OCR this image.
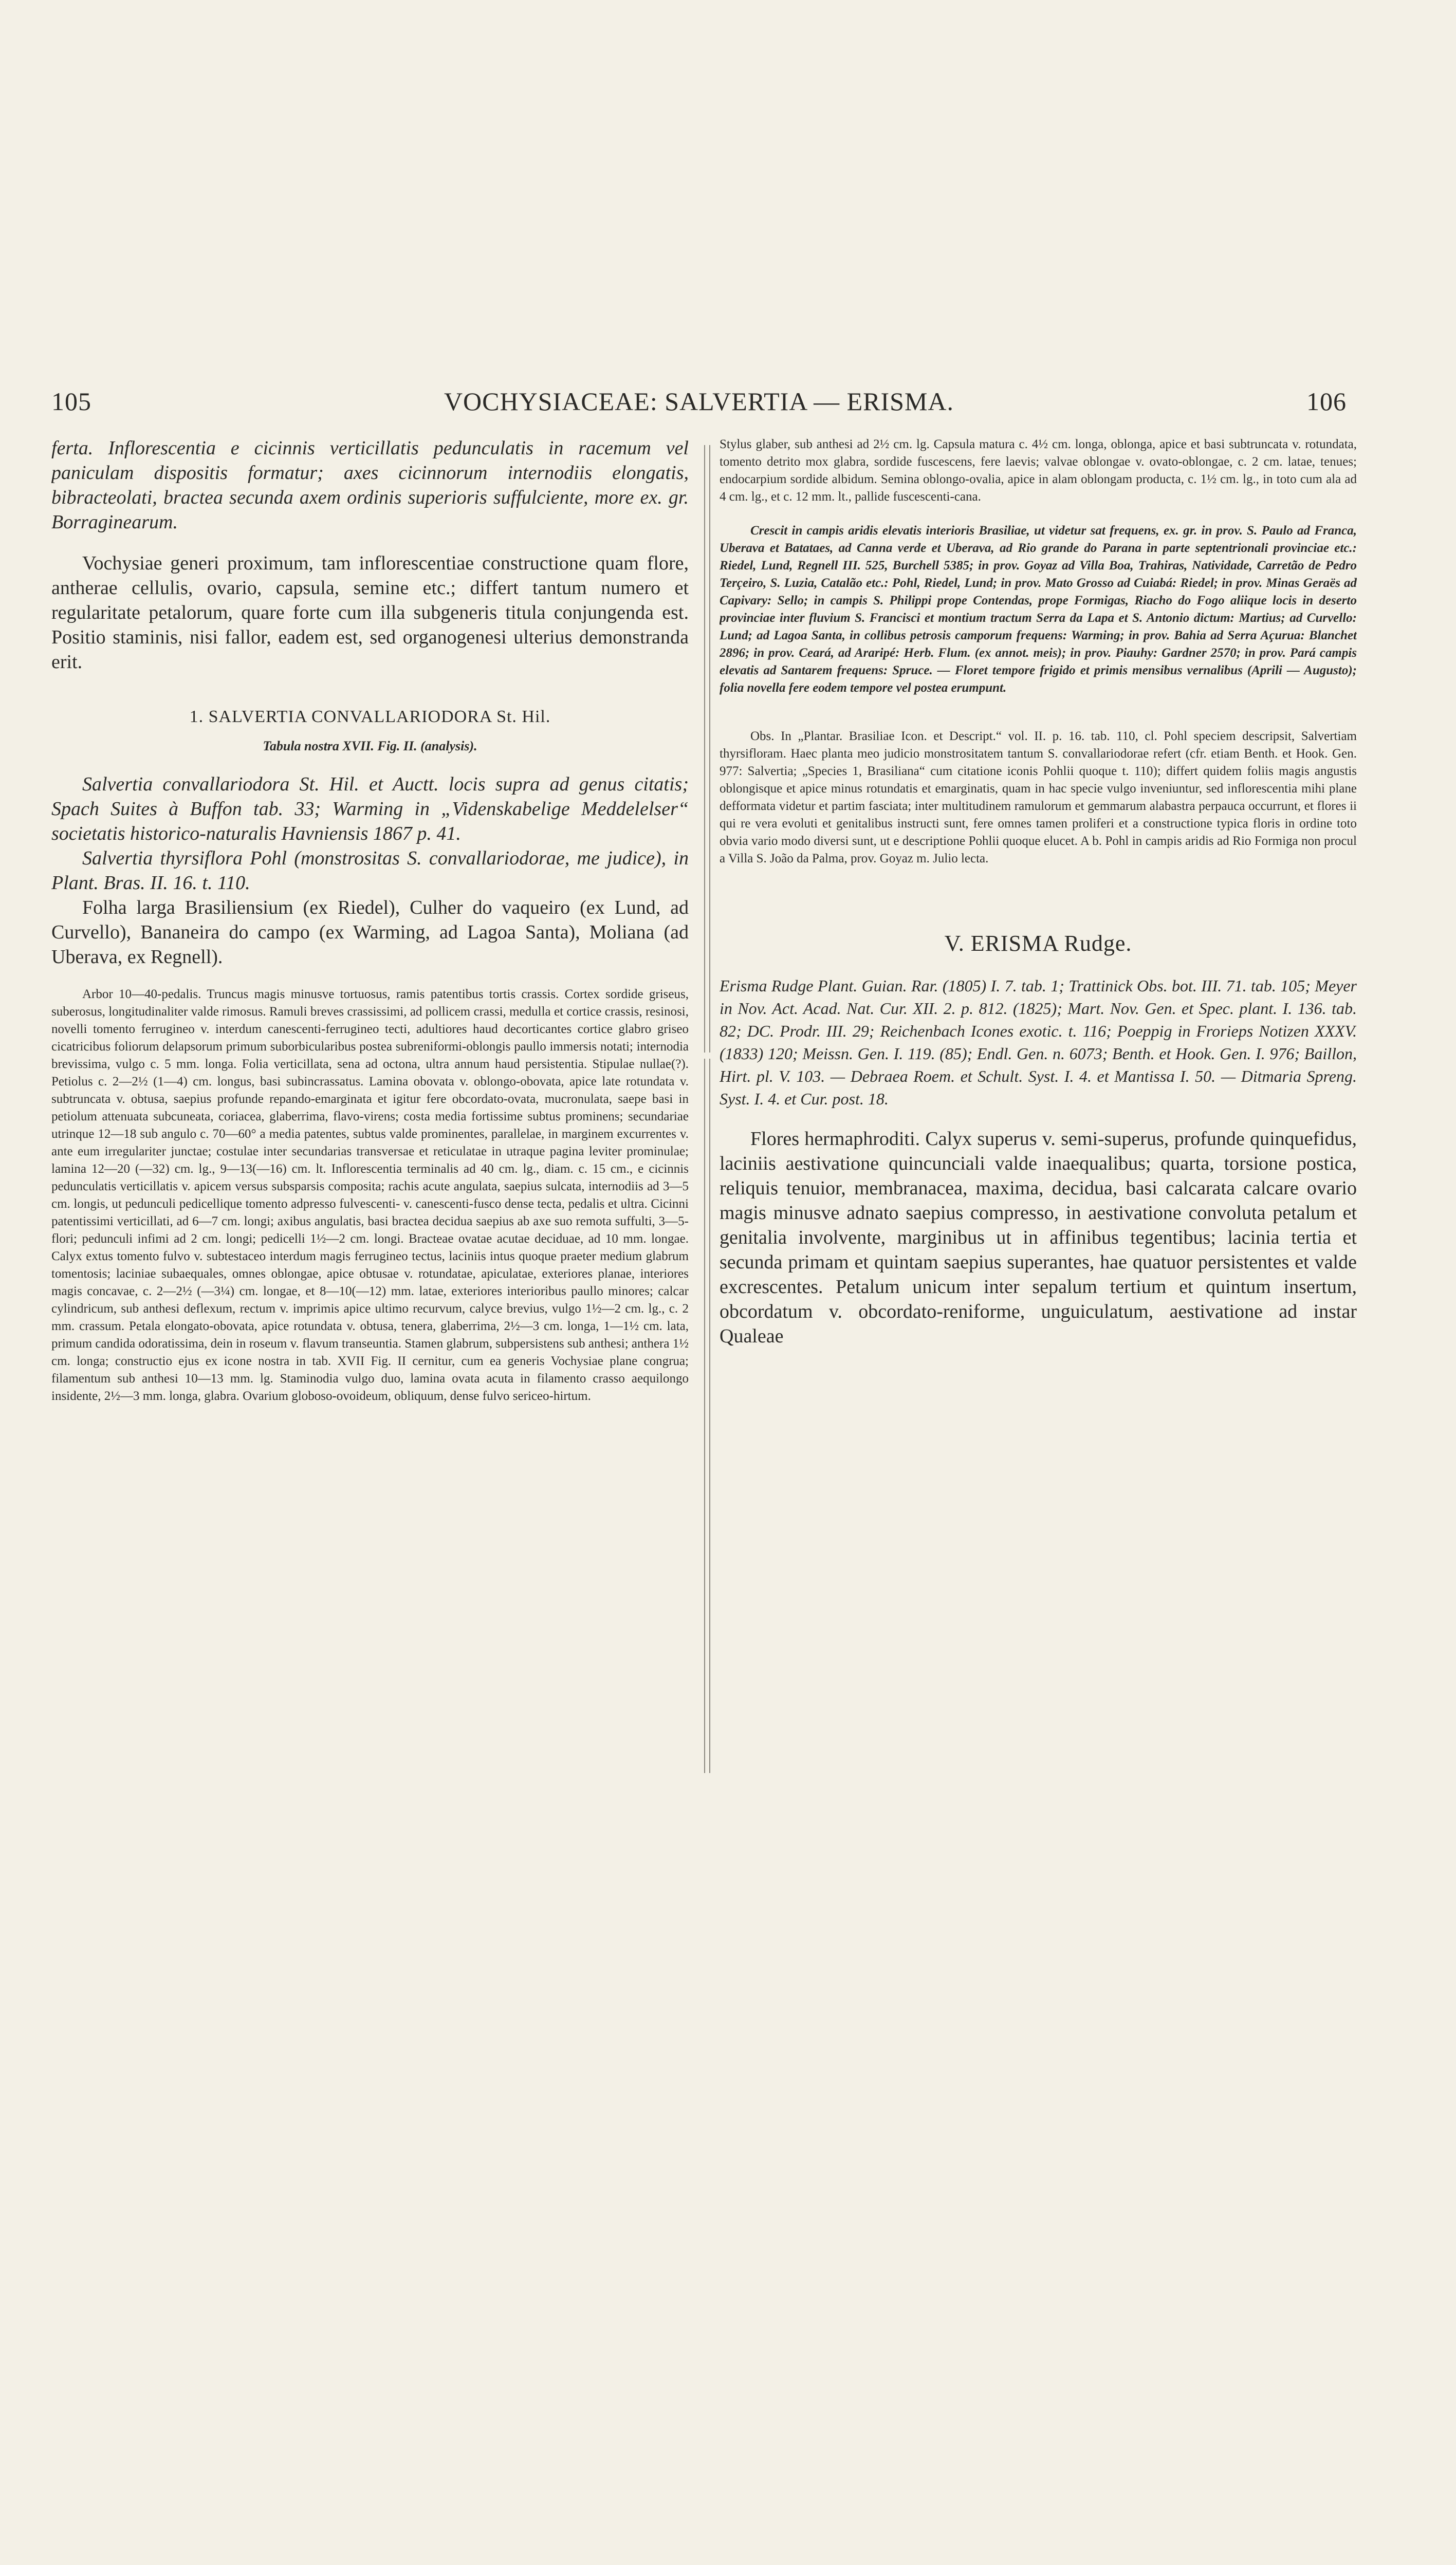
105	VOCHYSIACEAE: SALVERTIA — ERISMA.	106

ferta. Inflorescentia e cicinnis verticillatis pedunculatis in racemum vel paniculam dispositis formatur; axes cicinnorum internodiis elongatis, bibracteolati, bractea secunda axem ordinis superioris suffulciente, more ex. gr. Borraginearum.

Vochysiae generi proximum, tam inflorescentiae constructione quam flore, antherae cellulis, ovario, capsula, semine etc.; differt tantum numero et regularitate petalorum, quare forte cum illa subgeneris titula conjungenda est. Positio staminis, nisi fallor, eadem est, sed organogenesi ulterius demonstranda erit.

1. SALVERTIA CONVALLARIODORA St. Hil.
Tabula nostra XVII. Fig. II. (analysis).

Salvertia convallariodora St. Hil. et Auctt. locis supra ad genus citatis; Spach Suites à Buffon tab. 33; Warming in „Videnskabelige Meddelelser“ societatis historico-naturalis Havniensis 1867 p. 41.

Salvertia thyrsiflora Pohl (monstrositas S. convallariodorae, me judice), in Plant. Bras. II. 16. t. 110.

Folha larga Brasiliensium (ex Riedel), Culher do vaqueiro (ex Lund, ad Curvello), Bananeira do campo (ex Warming, ad Lagoa Santa), Moliana (ad Uberava, ex Regnell).

Arbor 10—40-pedalis. Truncus magis minusve tortuosus, ramis patentibus tortis crassis. Cortex sordide griseus, suberosus, longitudinaliter valde rimosus. Ramuli breves crassissimi, ad pollicem crassi, medulla et cortice crassis, resinosi, novelli tomento ferrugineo v. interdum canescenti-ferrugineo tecti, adultiores haud decorticantes cortice glabro griseo cicatricibus foliorum delapsorum primum suborbicularibus postea subreniformi-oblongis paullo immersis notati; internodia brevissima, vulgo c. 5 mm. longa. Folia verticillata, sena ad octona, ultra annum haud persistentia. Stipulae nullae(?). Petiolus c. 2—2½ (1—4) cm. longus, basi subincrassatus. Lamina obovata v. oblongo-obovata, apice late rotundata v. subtruncata v. obtusa, saepius profunde repando-emarginata et igitur fere obcordato-ovata, mucronulata, saepe basi in petiolum attenuata subcuneata, coriacea, glaberrima, flavo-virens; costa media fortissime subtus prominens; secundariae utrinque 12—18 sub angulo c. 70—60° a media patentes, subtus valde prominentes, parallelae, in marginem excurrentes v. ante eum irregulariter junctae; costulae inter secundarias transversae et reticulatae in utraque pagina leviter prominulae; lamina 12—20 (—32) cm. lg., 9—13(—16) cm. lt. Inflorescentia terminalis ad 40 cm. lg., diam. c. 15 cm., e cicinnis pedunculatis verticillatis v. apicem versus subsparsis composita; rachis acute angulata, saepius sulcata, internodiis ad 3—5 cm. longis, ut pedunculi pedicellique tomento adpresso fulvescenti- v. canescenti-fusco dense tecta, pedalis et ultra. Cicinni patentissimi verticillati, ad 6—7 cm. longi; axibus angulatis, basi bractea decidua saepius ab axe suo remota suffulti, 3—5-flori; pedunculi infimi ad 2 cm. longi; pedicelli 1½—2 cm. longi. Bracteae ovatae acutae deciduae, ad 10 mm. longae. Calyx extus tomento fulvo v. subtestaceo interdum magis ferrugineo tectus, laciniis intus quoque praeter medium glabrum tomentosis; laciniae subaequales, omnes oblongae, apice obtusae v. rotundatae, apiculatae, exteriores planae, interiores magis concavae, c. 2—2½ (—3¼) cm. longae, et 8—10(—12) mm. latae, exteriores interioribus paullo minores; calcar cylindricum, sub anthesi deflexum, rectum v. imprimis apice ultimo recurvum, calyce brevius, vulgo 1½—2 cm. lg., c. 2 mm. crassum. Petala elongato-obovata, apice rotundata v. obtusa, tenera, glaberrima, 2½—3 cm. longa, 1—1½ cm. lata, primum candida odoratissima, dein in roseum v. flavum transeuntia. Stamen glabrum, subpersistens sub anthesi; anthera 1½ cm. longa; constructio ejus ex icone nostra in tab. XVII Fig. II cernitur, cum ea generis Vochysiae plane congrua; filamentum sub anthesi 10—13 mm. lg. Staminodia vulgo duo, lamina ovata acuta in filamento crasso aequilongo insidente, 2½—3 mm. longa, glabra. Ovarium globoso-ovoideum, obliquum, dense fulvo sericeo-hirtum.

Stylus glaber, sub anthesi ad 2½ cm. lg. Capsula matura c. 4½ cm. longa, oblonga, apice et basi subtruncata v. rotundata, tomento detrito mox glabra, sordide fuscescens, fere laevis; valvae oblongae v. ovato-oblongae, c. 2 cm. latae, tenues; endocarpium sordide albidum. Semina oblongo-ovalia, apice in alam oblongam producta, c. 1½ cm. lg., in toto cum ala ad 4 cm. lg., et c. 12 mm. lt., pallide fuscescenti-cana.

Crescit in campis aridis elevatis interioris Brasiliae, ut videtur sat frequens, ex. gr. in prov. S. Paulo ad Franca, Uberava et Batataes, ad Canna verde et Uberava, ad Rio grande do Parana in parte septentrionali provinciae etc.: Riedel, Lund, Regnell III. 525, Burchell 5385; in prov. Goyaz ad Villa Boa, Trahiras, Natividade, Carretão de Pedro Terçeiro, S. Luzia, Catalão etc.: Pohl, Riedel, Lund; in prov. Mato Grosso ad Cuiabá: Riedel; in prov. Minas Geraës ad Capivary: Sello; in campis S. Philippi prope Contendas, prope Formigas, Riacho do Fogo aliique locis in deserto provinciae inter fluvium S. Francisci et montium tractum Serra da Lapa et S. Antonio dictum: Martius; ad Curvello: Lund; ad Lagoa Santa, in collibus petrosis camporum frequens: Warming; in prov. Bahia ad Serra Açurua: Blanchet 2896; in prov. Ceará, ad Araripé: Herb. Flum. (ex annot. meis); in prov. Piauhy: Gardner 2570; in prov. Pará campis elevatis ad Santarem frequens: Spruce. — Floret tempore frigido et primis mensibus vernalibus (Aprili — Augusto); folia novella fere eodem tempore vel postea erumpunt.

Obs. In „Plantar. Brasiliae Icon. et Descript.“ vol. II. p. 16. tab. 110, cl. Pohl speciem descripsit, Salvertiam thyrsifloram. Haec planta meo judicio monstrositatem tantum S. convallariodorae refert (cfr. etiam Benth. et Hook. Gen. 977: Salvertia; „Species 1, Brasiliana“ cum citatione iconis Pohlii quoque t. 110); differt quidem foliis magis angustis oblongisque et apice minus rotundatis et emarginatis, quam in hac specie vulgo inveniuntur, sed inflorescentia mihi plane defformata videtur et partim fasciata; inter multitudinem ramulorum et gemmarum alabastra perpauca occurrunt, et flores ii qui re vera evoluti et genitalibus instructi sunt, fere omnes tamen proliferi et a constructione typica floris in ordine toto obvia vario modo diversi sunt, ut e descriptione Pohlii quoque elucet. A b. Pohl in campis aridis ad Rio Formiga non procul a Villa S. João da Palma, prov. Goyaz m. Julio lecta.

V. ERISMA Rudge.

Erisma Rudge Plant. Guian. Rar. (1805) I. 7. tab. 1; Trattinick Obs. bot. III. 71. tab. 105; Meyer in Nov. Act. Acad. Nat. Cur. XII. 2. p. 812. (1825); Mart. Nov. Gen. et Spec. plant. I. 136. tab. 82; DC. Prodr. III. 29; Reichenbach Icones exotic. t. 116; Poeppig in Frorieps Notizen XXXV. (1833) 120; Meissn. Gen. I. 119. (85); Endl. Gen. n. 6073; Benth. et Hook. Gen. I. 976; Baillon, Hirt. pl. V. 103. — Debraea Roem. et Schult. Syst. I. 4. et Mantissa I. 50. — Ditmaria Spreng. Syst. I. 4. et Cur. post. 18.

Flores hermaphroditi. Calyx superus v. semi-superus, profunde quinquefidus, laciniis aestivatione quincunciali valde inaequalibus; quarta, torsione postica, reliquis tenuior, membranacea, maxima, decidua, basi calcarata calcare ovario magis minusve adnato saepius compresso, in aestivatione convoluta petalum et genitalia involvente, marginibus ut in affinibus tegentibus; lacinia tertia et secunda primam et quintam saepius superantes, hae quatuor persistentes et valde excrescentes. Petalum unicum inter sepalum tertium et quintum insertum, obcordatum v. obcordato-reniforme, unguiculatum, aestivatione ad instar Qualeae
